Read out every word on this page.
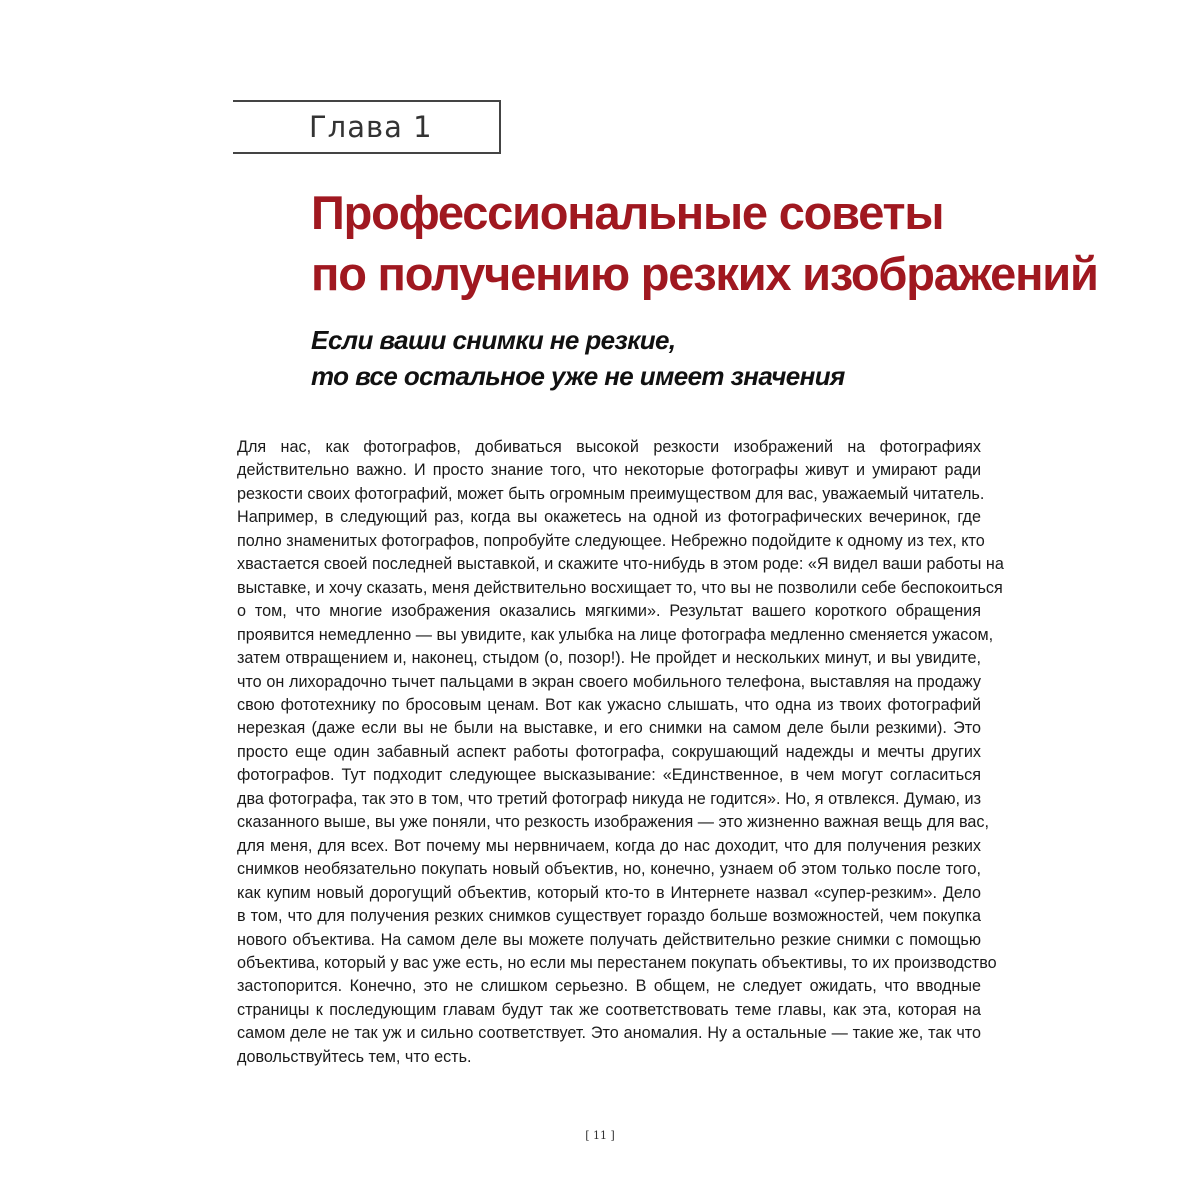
Глава 1
Профессиональные советы
по получению резких изображений
Если ваши снимки не резкие,
то все остальное уже не имеет значения
Для нас, как фотографов, добиваться высокой резкости изображений на фотографиях
действительно важно. И просто знание того, что некоторые фотографы живут и умирают ради
резкости своих фотографий, может быть огромным преимуществом для вас, уважаемый читатель.
Например, в следующий раз, когда вы окажетесь на одной из фотографических вечеринок, где
полно знаменитых фотографов, попробуйте следующее. Небрежно подойдите к одному из тех, кто
хвастается своей последней выставкой, и скажите что-нибудь в этом роде: «Я видел ваши работы на
выставке, и хочу сказать, меня действительно восхищает то, что вы не позволили себе беспокоиться
о том, что многие изображения оказались мягкими». Результат вашего короткого обращения
проявится немедленно — вы увидите, как улыбка на лице фотографа медленно сменяется ужасом,
затем отвращением и, наконец, стыдом (о, позор!). Не пройдет и нескольких минут, и вы увидите,
что он лихорадочно тычет пальцами в экран своего мобильного телефона, выставляя на продажу
свою фототехнику по бросовым ценам. Вот как ужасно слышать, что одна из твоих фотографий
нерезкая (даже если вы не были на выставке, и его снимки на самом деле были резкими). Это
просто еще один забавный аспект работы фотографа, сокрушающий надежды и мечты других
фотографов. Тут подходит следующее высказывание: «Единственное, в чем могут согласиться
два фотографа, так это в том, что третий фотограф никуда не годится». Но, я отвлекся. Думаю, из
сказанного выше, вы уже поняли, что резкость изображения — это жизненно важная вещь для вас,
для меня, для всех. Вот почему мы нервничаем, когда до нас доходит, что для получения резких
снимков необязательно покупать новый объектив, но, конечно, узнаем об этом только после того,
как купим новый дорогущий объектив, который кто-то в Интернете назвал «супер-резким». Дело
в том, что для получения резких снимков существует гораздо больше возможностей, чем покупка
нового объектива. На самом деле вы можете получать действительно резкие снимки с помощью
объектива, который у вас уже есть, но если мы перестанем покупать объективы, то их производство
застопорится. Конечно, это не слишком серьезно. В общем, не следует ожидать, что вводные
страницы к последующим главам будут так же соответствовать теме главы, как эта, которая на
самом деле не так уж и сильно соответствует. Это аномалия. Ну а остальные — такие же, так что
довольствуйтесь тем, что есть.
[ 11 ]
